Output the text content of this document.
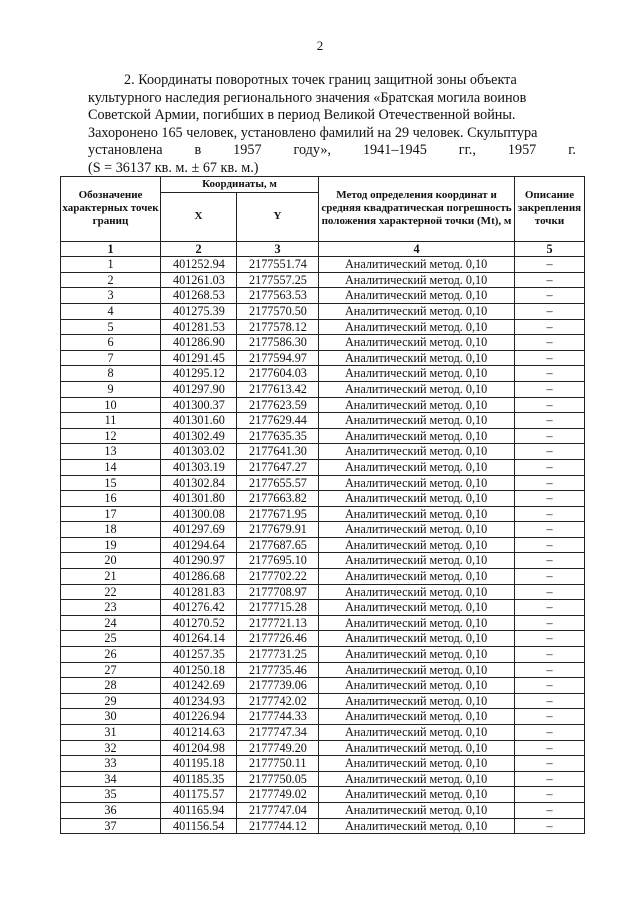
2
2. Координаты поворотных точек границ защитной зоны объекта
культурного наследия регионального значения «Братская могила воинов
Советской Армии, погибших в период Великой Отечественной войны.
Захоронено 165 человек, установлено фамилий на 29 человек. Скульптура
установлена в 1957 году», 1941–1945 гг., 1957 г.
(S = 36137 кв. м. ± 67 кв. м.)
Обозначение характерных точек границ	Координаты, м		Метод определения координат и средняя квадратическая погрешность положения характерной точки (Mt), м	Описание закрепления точки
	X	Y		
1	2	3	4	5
1	401252.94	2177551.74	Аналитический метод. 0,10	–
2	401261.03	2177557.25	Аналитический метод. 0,10	–
3	401268.53	2177563.53	Аналитический метод. 0,10	–
4	401275.39	2177570.50	Аналитический метод. 0,10	–
5	401281.53	2177578.12	Аналитический метод. 0,10	–
6	401286.90	2177586.30	Аналитический метод. 0,10	–
7	401291.45	2177594.97	Аналитический метод. 0,10	–
8	401295.12	2177604.03	Аналитический метод. 0,10	–
9	401297.90	2177613.42	Аналитический метод. 0,10	–
10	401300.37	2177623.59	Аналитический метод. 0,10	–
11	401301.60	2177629.44	Аналитический метод. 0,10	–
12	401302.49	2177635.35	Аналитический метод. 0,10	–
13	401303.02	2177641.30	Аналитический метод. 0,10	–
14	401303.19	2177647.27	Аналитический метод. 0,10	–
15	401302.84	2177655.57	Аналитический метод. 0,10	–
16	401301.80	2177663.82	Аналитический метод. 0,10	–
17	401300.08	2177671.95	Аналитический метод. 0,10	–
18	401297.69	2177679.91	Аналитический метод. 0,10	–
19	401294.64	2177687.65	Аналитический метод. 0,10	–
20	401290.97	2177695.10	Аналитический метод. 0,10	–
21	401286.68	2177702.22	Аналитический метод. 0,10	–
22	401281.83	2177708.97	Аналитический метод. 0,10	–
23	401276.42	2177715.28	Аналитический метод. 0,10	–
24	401270.52	2177721.13	Аналитический метод. 0,10	–
25	401264.14	2177726.46	Аналитический метод. 0,10	–
26	401257.35	2177731.25	Аналитический метод. 0,10	–
27	401250.18	2177735.46	Аналитический метод. 0,10	–
28	401242.69	2177739.06	Аналитический метод. 0,10	–
29	401234.93	2177742.02	Аналитический метод. 0,10	–
30	401226.94	2177744.33	Аналитический метод. 0,10	–
31	401214.63	2177747.34	Аналитический метод. 0,10	–
32	401204.98	2177749.20	Аналитический метод. 0,10	–
33	401195.18	2177750.11	Аналитический метод. 0,10	–
34	401185.35	2177750.05	Аналитический метод. 0,10	–
35	401175.57	2177749.02	Аналитический метод. 0,10	–
36	401165.94	2177747.04	Аналитический метод. 0,10	–
37	401156.54	2177744.12	Аналитический метод. 0,10	–
